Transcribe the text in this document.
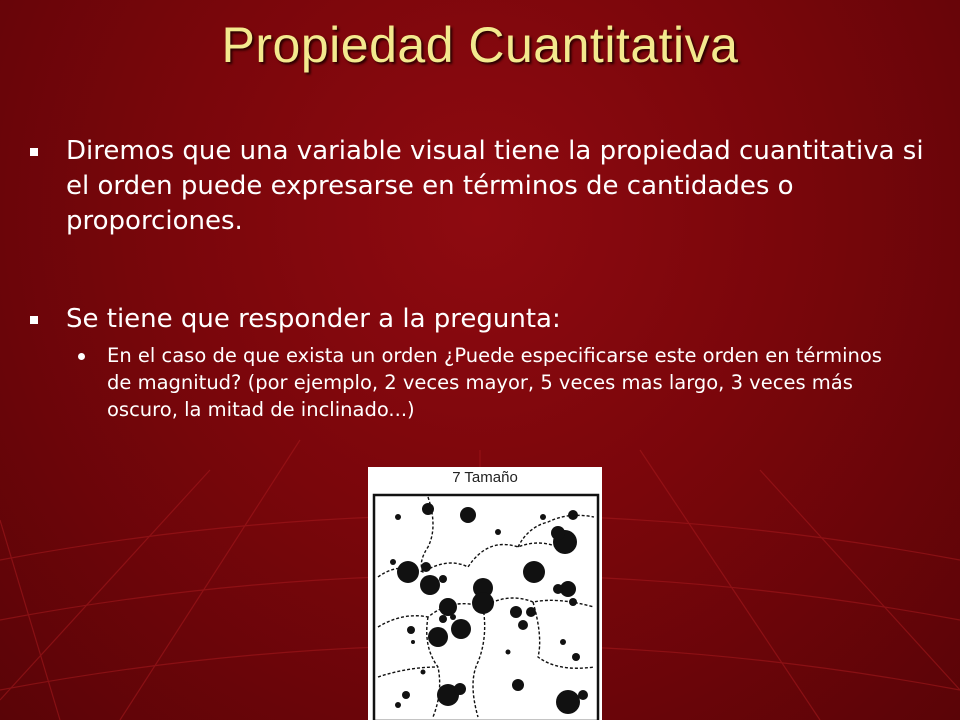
Propiedad Cuantitativa
Diremos que una variable visual tiene la propiedad cuantitativa si el orden puede expresarse en términos de cantidades o proporciones.
Se tiene que responder a la pregunta:
En el caso de que exista un orden ¿Puede especificarse este orden en términos de magnitud? (por ejemplo, 2 veces mayor, 5 veces mas largo, 3 veces más oscuro, la mitad de inclinado...)
7 Tamaño
